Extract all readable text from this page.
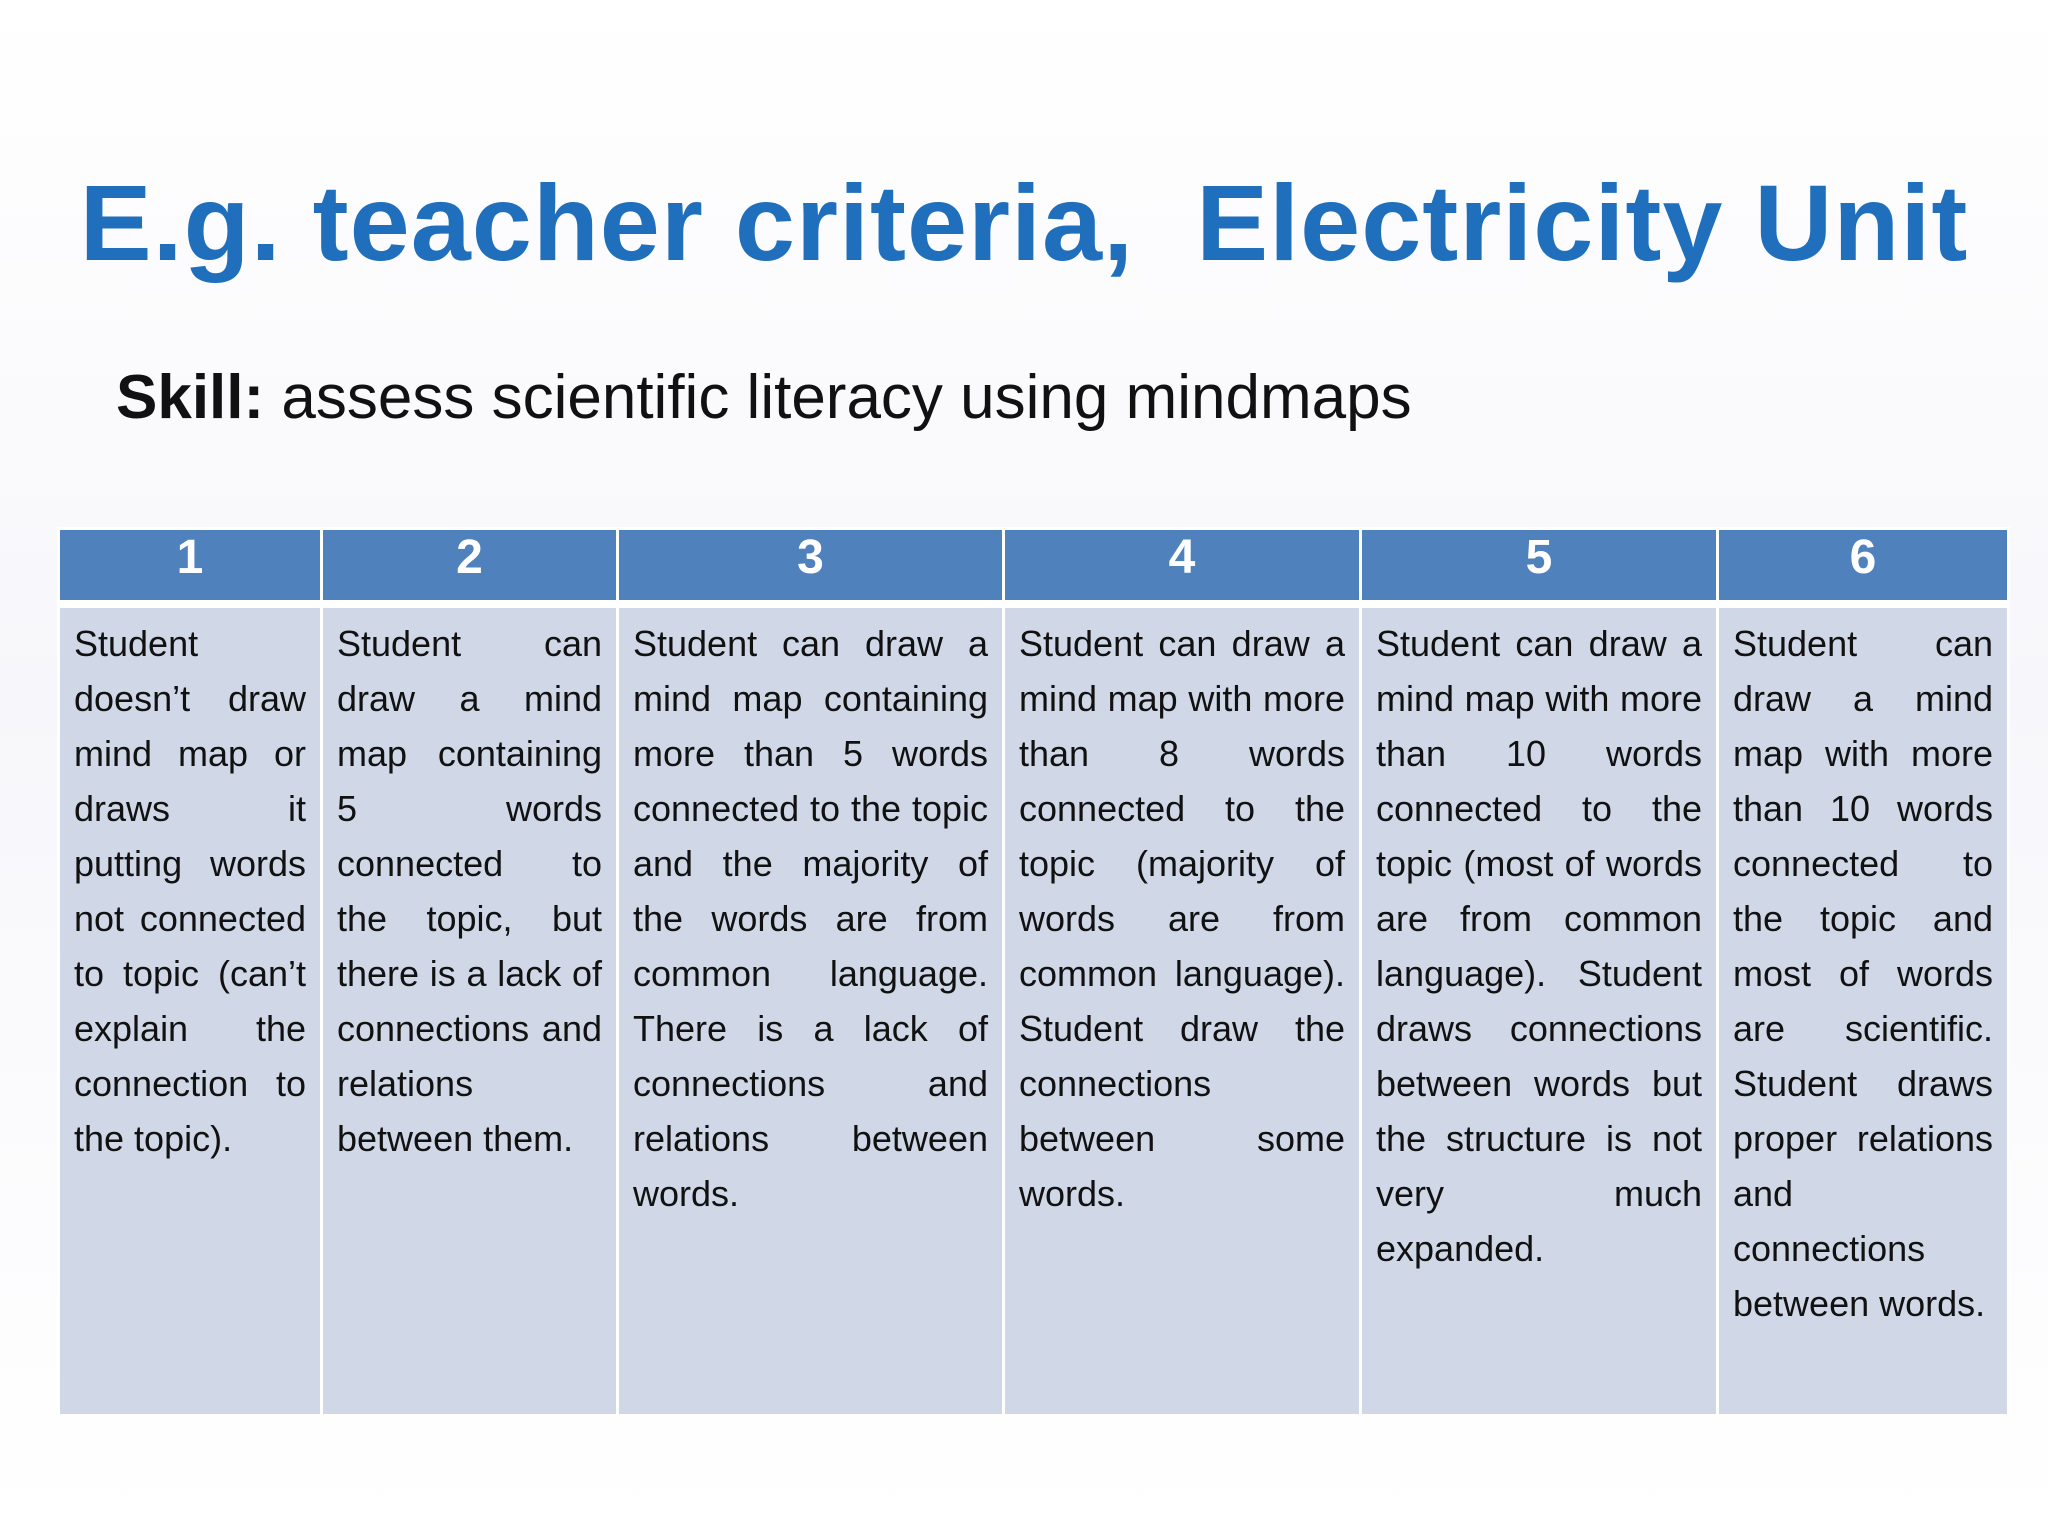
E.g. teacher criteria,  Electricity Unit
Skill: assess scientific literacy using mindmaps
1	2	3	4	5	6
Student doesn’t draw mind map or draws it putting words not connected to topic (can’t explain the connection to the topic).	Student can draw a mind map containing 5 words connected to the topic, but there is a lack of connections and relations between them.	Student can draw a mind map containing more than 5 words connected to the topic and the majority of the words are from common language. There is a lack of connections and relations between words.	Student can draw a mind map with more than 8 words connected to the topic (majority of words are from common language). Student draw the connections between some words.	Student can draw a mind map with more than 10 words connected to the topic (most of words are from common language). Student draws connections between words but the structure is not very much expanded.	Student can draw a mind map with more than 10 words connected to the topic and most of words are scientific. Student draws proper relations and connections between words.
